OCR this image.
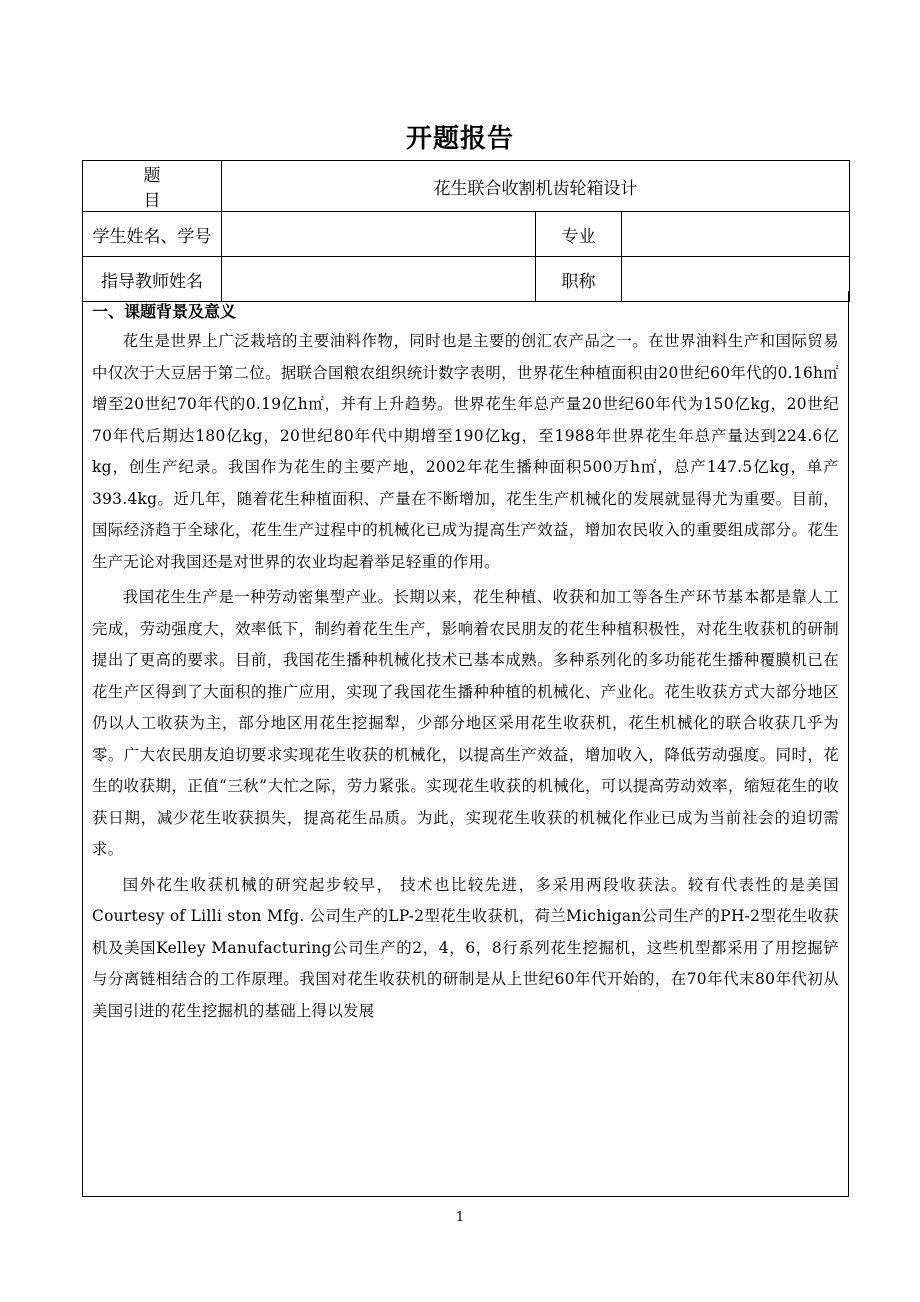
开题报告
题 目	花生联合收割机齿轮箱设计		
学生姓名、学号		专业	
指导教师姓名		职称	

一、课题背景及意义

花生是世界上广泛栽培的主要油料作物，同时也是主要的创汇农产品之一。在世界油料生产和国际贸易中仅次于大豆居于第二位。据联合国粮农组织统计数字表明，世界花生种植面积由20世纪60年代的0.16h㎡增至20世纪70年代的0.19亿h㎡，并有上升趋势。世界花生年总产量20世纪60年代为150亿kg，20世纪70年代后期达180亿kg，20世纪80年代中期增至190亿kg，至1988年世界花生年总产量达到224.6亿kg，创生产纪录。我国作为花生的主要产地，2002年花生播种面积500万h㎡，总产147.5亿kg，单产393.4kg。近几年，随着花生种植面积、产量在不断增加，花生生产机械化的发展就显得尤为重要。目前，国际经济趋于全球化，花生生产过程中的机械化已成为提高生产效益，增加农民收入的重要组成部分。花生生产无论对我国还是对世界的农业均起着举足轻重的作用。

我国花生生产是一种劳动密集型产业。长期以来，花生种植、收获和加工等各生产环节基本都是靠人工完成，劳动强度大，效率低下，制约着花生生产，影响着农民朋友的花生种植积极性，对花生收获机的研制提出了更高的要求。目前，我国花生播种机械化技术已基本成熟。多种系列化的多功能花生播种覆膜机已在花生产区得到了大面积的推广应用，实现了我国花生播种种植的机械化、产业化。花生收获方式大部分地区仍以人工收获为主，部分地区用花生挖掘犁，少部分地区采用花生收获机，花生机械化的联合收获几乎为零。广大农民朋友迫切要求实现花生收获的机械化，以提高生产效益，增加收入，降低劳动强度。同时，花生的收获期，正值“三秋”大忙之际，劳力紧张。实现花生收获的机械化，可以提高劳动效率，缩短花生的收获日期，减少花生收获损失，提高花生品质。为此，实现花生收获的机械化作业已成为当前社会的迫切需求。

国外花生收获机械的研究起步较早， 技术也比较先进，多采用两段收获法。较有代表性的是美国Courtesy of Lilli ston Mfg. 公司生产的LP-2型花生收获机，荷兰Michigan公司生产的PH-2型花生收获机及美国Kelley Manufacturing公司生产的2，4，6，8行系列花生挖掘机，这些机型都采用了用挖掘铲与分离链相结合的工作原理。我国对花生收获机的研制是从上世纪60年代开始的，在70年代末80年代初从美国引进的花生挖掘机的基础上得以发展

1
